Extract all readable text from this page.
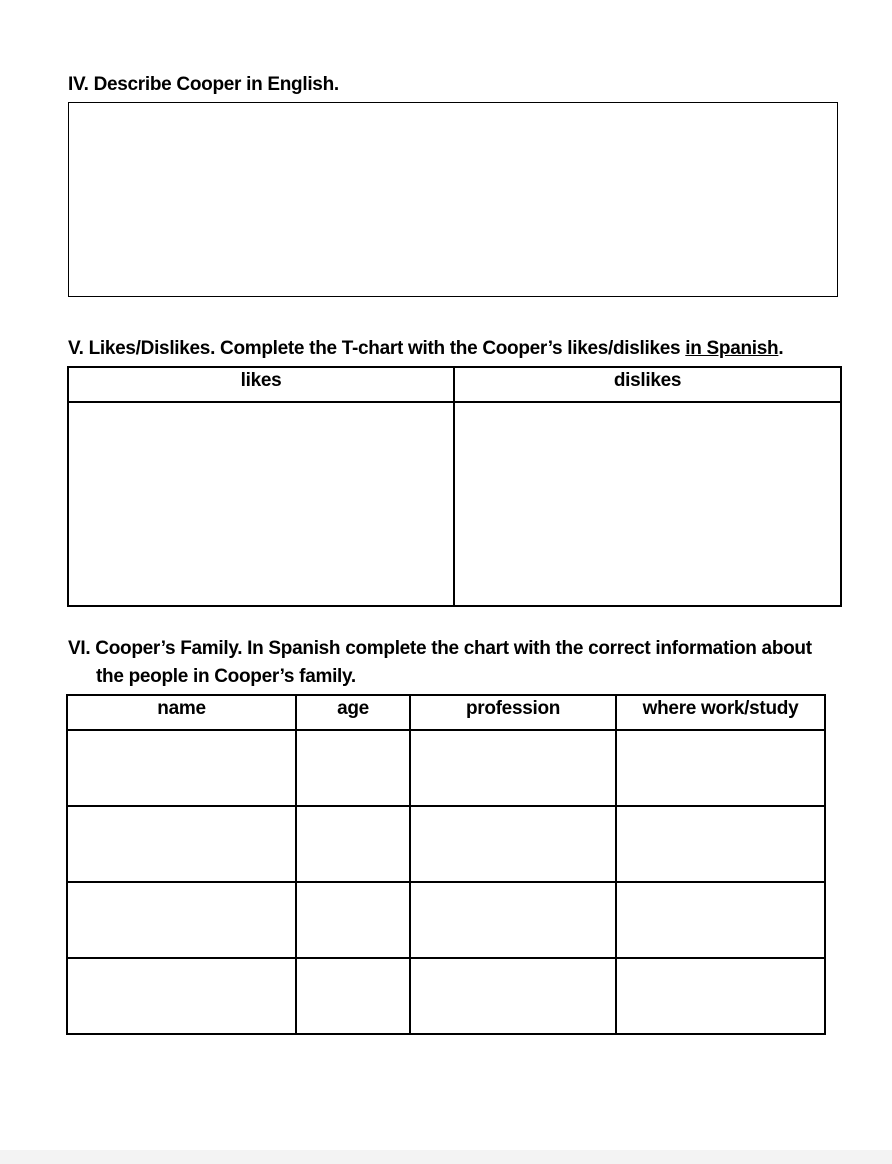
IV. Describe Cooper in English.
V. Likes/Dislikes. Complete the T-chart with the Cooper’s likes/dislikes in Spanish.
likes	dislikes

VI. Cooper’s Family. In Spanish complete the chart with the correct information about
the people in Cooper’s family.
name	age	profession	where work/study
